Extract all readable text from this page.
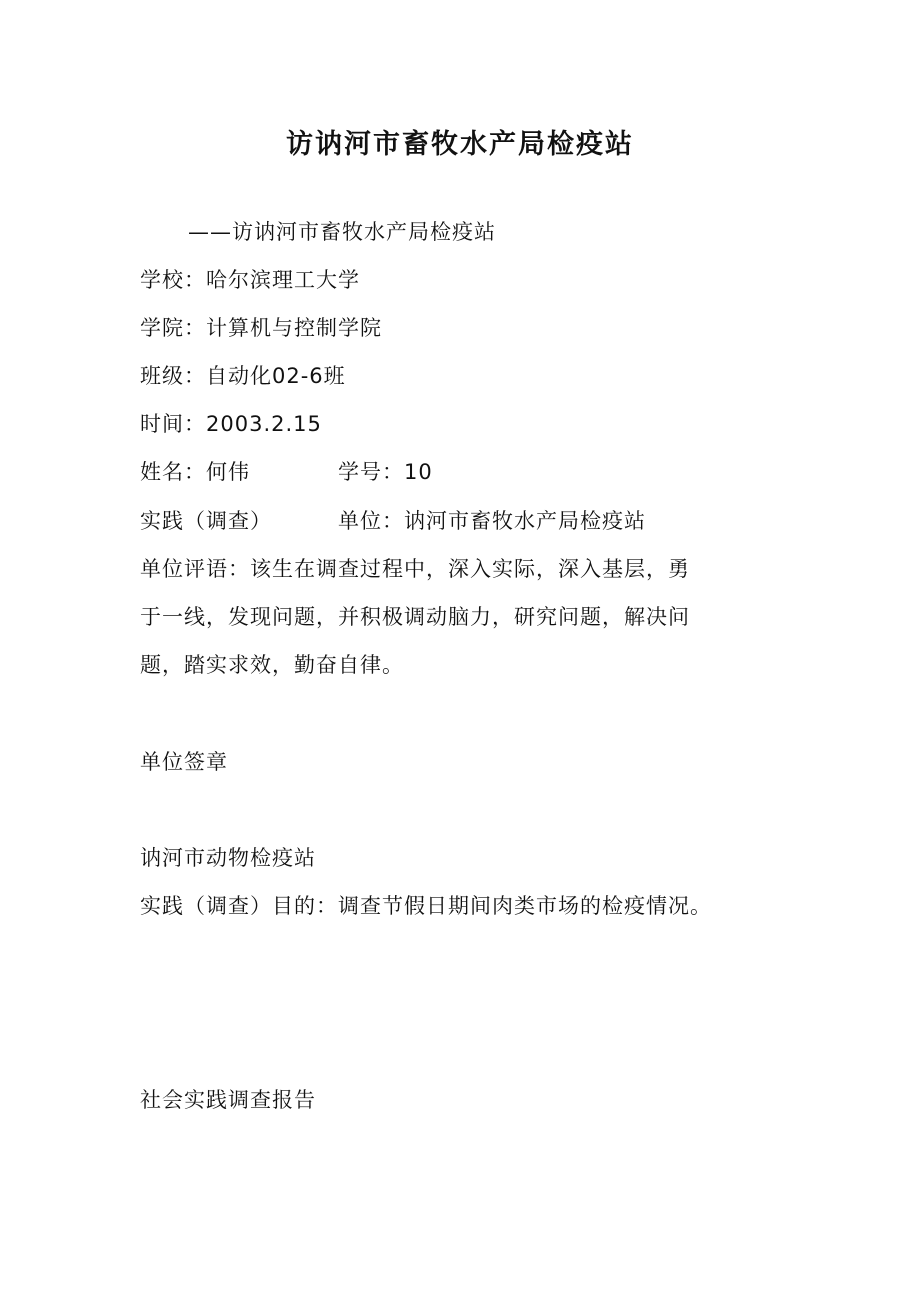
访讷河市畜牧水产局检疫站
——访讷河市畜牧水产局检疫站
学校：哈尔滨理工大学
学院：计算机与控制学院
班级：自动化02-6班
时间：2003.2.15
姓名：何伟	学号：10
实践（调查）	单位：讷河市畜牧水产局检疫站
单位评语：该生在调查过程中，深入实际，深入基层，勇
于一线，发现问题，并积极调动脑力，研究问题，解决问
题，踏实求效，勤奋自律。
单位签章
讷河市动物检疫站
实践（调查）目的：调查节假日期间肉类市场的检疫情况。
社会实践调查报告
